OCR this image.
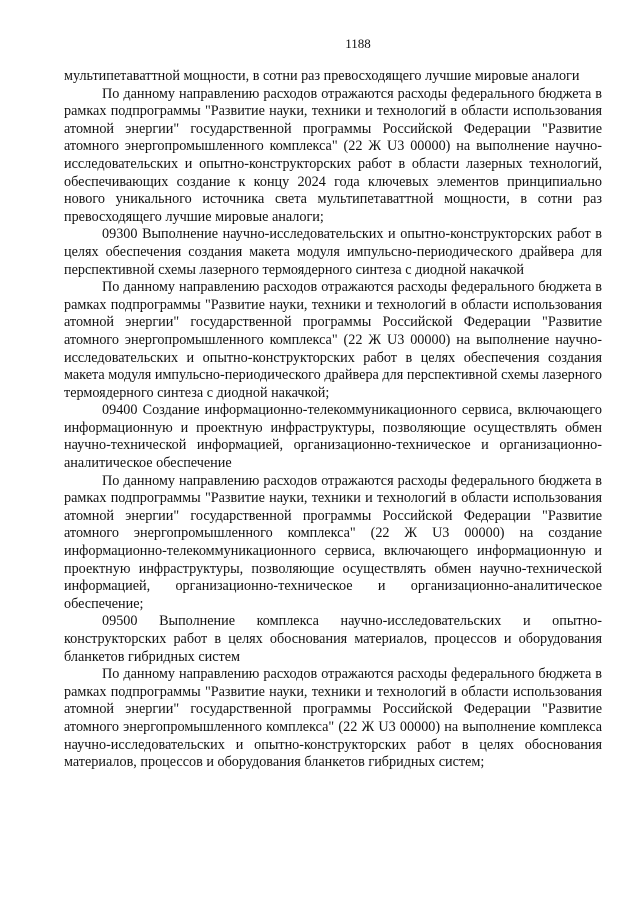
1188

мультипетаваттной мощности, в сотни раз превосходящего лучшие мировые аналоги

По данному направлению расходов отражаются расходы федерального бюджета в рамках подпрограммы "Развитие науки, техники и технологий в области использования атомной энергии" государственной программы Российской Федерации "Развитие атомного энергопромышленного комплекса" (22 Ж U3 00000) на выполнение научно-исследовательских и опытно-конструкторских работ в области лазерных технологий, обеспечивающих создание к концу 2024 года ключевых элементов принципиально нового уникального источника света мультипетаваттной мощности, в сотни раз превосходящего лучшие мировые аналоги;

09300 Выполнение научно-исследовательских и опытно-конструкторских работ в целях обеспечения создания макета модуля импульсно-периодического драйвера для перспективной схемы лазерного термоядерного синтеза с диодной накачкой

По данному направлению расходов отражаются расходы федерального бюджета в рамках подпрограммы "Развитие науки, техники и технологий в области использования атомной энергии" государственной программы Российской Федерации "Развитие атомного энергопромышленного комплекса" (22 Ж U3 00000) на выполнение научно-исследовательских и опытно-конструкторских работ в целях обеспечения создания макета модуля импульсно-периодического драйвера для перспективной схемы лазерного термоядерного синтеза с диодной накачкой;

09400 Создание информационно-телекоммуникационного сервиса, включающего информационную и проектную инфраструктуры, позволяющие осуществлять обмен научно-технической информацией, организационно-техническое и организационно-аналитическое обеспечение

По данному направлению расходов отражаются расходы федерального бюджета в рамках подпрограммы "Развитие науки, техники и технологий в области использования атомной энергии" государственной программы Российской Федерации "Развитие атомного энергопромышленного комплекса" (22 Ж U3 00000) на создание информационно-телекоммуникационного сервиса, включающего информационную и проектную инфраструктуры, позволяющие осуществлять обмен научно-технической информацией, организационно-техническое и организационно-аналитическое обеспечение;

09500 Выполнение комплекса научно-исследовательских и опытно-конструкторских работ в целях обоснования материалов, процессов и оборудования бланкетов гибридных систем

По данному направлению расходов отражаются расходы федерального бюджета в рамках подпрограммы "Развитие науки, техники и технологий в области использования атомной энергии" государственной программы Российской Федерации "Развитие атомного энергопромышленного комплекса" (22 Ж U3 00000) на выполнение комплекса научно-исследовательских и опытно-конструкторских работ в целях обоснования материалов, процессов и оборудования бланкетов гибридных систем;
